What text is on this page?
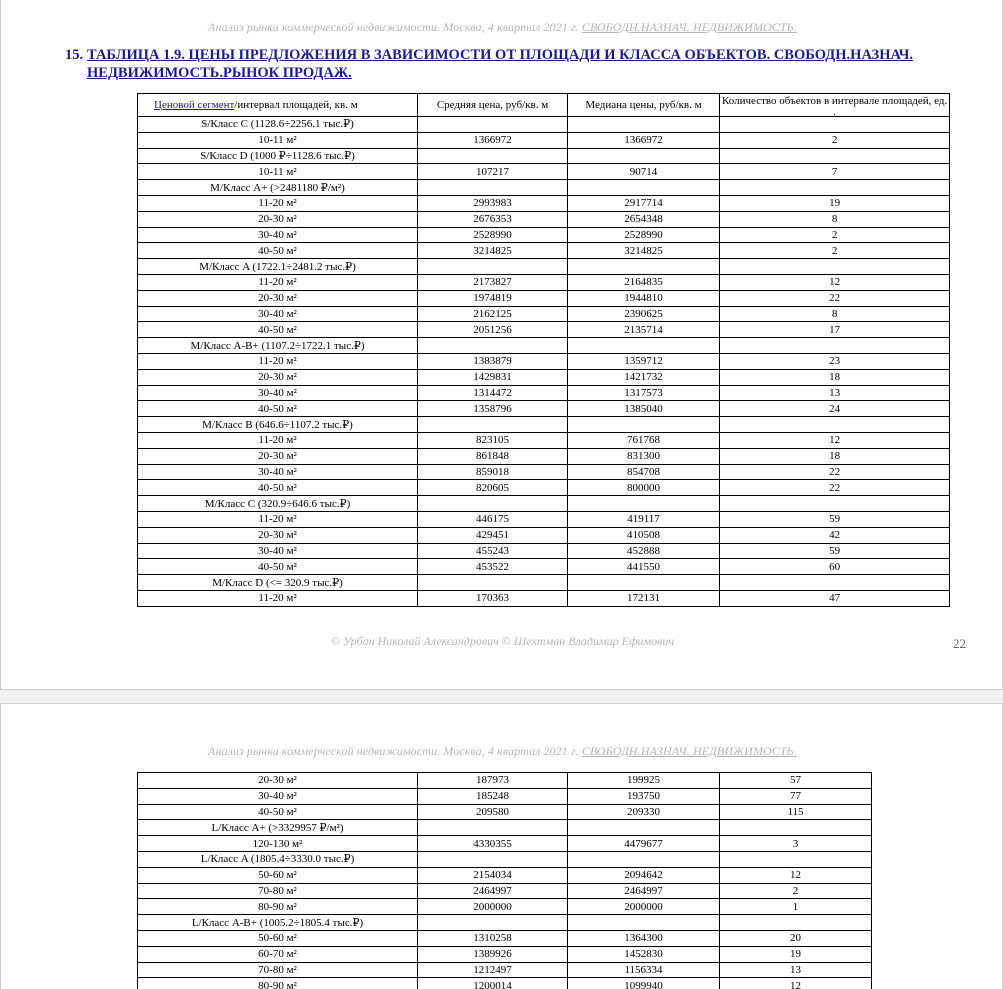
Анализ рынка коммерческой недвижимости. Москва, 4 квартал 2021 г. СВОБОДН.НАЗНАЧ. НЕДВИЖИМОСТЬ.
15. ТАБЛИЦА 1.9. ЦЕНЫ ПРЕДЛОЖЕНИЯ В ЗАВИСИМОСТИ ОТ ПЛОЩАДИ И КЛАССА ОБЪЕКТОВ. СВОБОДН.НАЗНАЧ.
НЕДВИЖИМОСТЬ.РЫНОК ПРОДАЖ.
Ценовой сегмент/интервал площадей, кв. м	Средняя цена, руб/кв. м	Медиана цены, руб/кв. м	Количество объектов в интервале площадей, ед.
.

S/Класс C (1128.6÷2256.1 тыс.₽)			
10-11 м²	1366972	1366972	2
S/Класс D (1000 ₽÷1128.6 тыс.₽)			
10-11 м²	107217	90714	7
M/Класс A+ (>2481180 ₽/м²)			
11-20 м²	2993983	2917714	19
20-30 м²	2676353	2654348	8
30-40 м²	2528990	2528990	2
40-50 м²	3214825	3214825	2
M/Класс A (1722.1÷2481.2 тыс.₽)			
11-20 м²	2173827	2164835	12
20-30 м²	1974819	1944810	22
30-40 м²	2162125	2390625	8
40-50 м²	2051256	2135714	17
M/Класс A-B+ (1107.2÷1722.1 тыс.₽)			
11-20 м²	1383879	1359712	23
20-30 м²	1429831	1421732	18
30-40 м²	1314472	1317573	13
40-50 м²	1358796	1385040	24
M/Класс B (646.6÷1107.2 тыс.₽)			
11-20 м²	823105	761768	12
20-30 м²	861848	831300	18
30-40 м²	859018	854708	22
40-50 м²	820605	800000	22
M/Класс C (320.9÷646.6 тыс.₽)			
11-20 м²	446175	419117	59
20-30 м²	429451	410508	42
30-40 м²	455243	452888	59
40-50 м²	453522	441550	60
M/Класс D (<= 320.9 тыс.₽)			
11-20 м²	170363	172131	47
© Урбан Николай Александрович © Шехтман Владимир Ефимович	22
Анализ рынка коммерческой недвижимости. Москва, 4 квартал 2021 г. СВОБОДН.НАЗНАЧ. НЕДВИЖИМОСТЬ.
20-30 м²	187973	199925	57
30-40 м²	185248	193750	77
40-50 м²	209580	209330	115
L/Класс A+ (>3329957 ₽/м²)			
120-130 м²	4330355	4479677	3
L/Класс A (1805.4÷3330.0 тыс.₽)			
50-60 м²	2154034	2094642	12
70-80 м²	2464997	2464997	2
80-90 м²	2000000	2000000	1
L/Класс A-B+ (1005.2÷1805.4 тыс.₽)			
50-60 м²	1310258	1364300	20
60-70 м²	1389926	1452830	19
70-80 м²	1212497	1156334	13
80-90 м²	1200014	1099940	12
